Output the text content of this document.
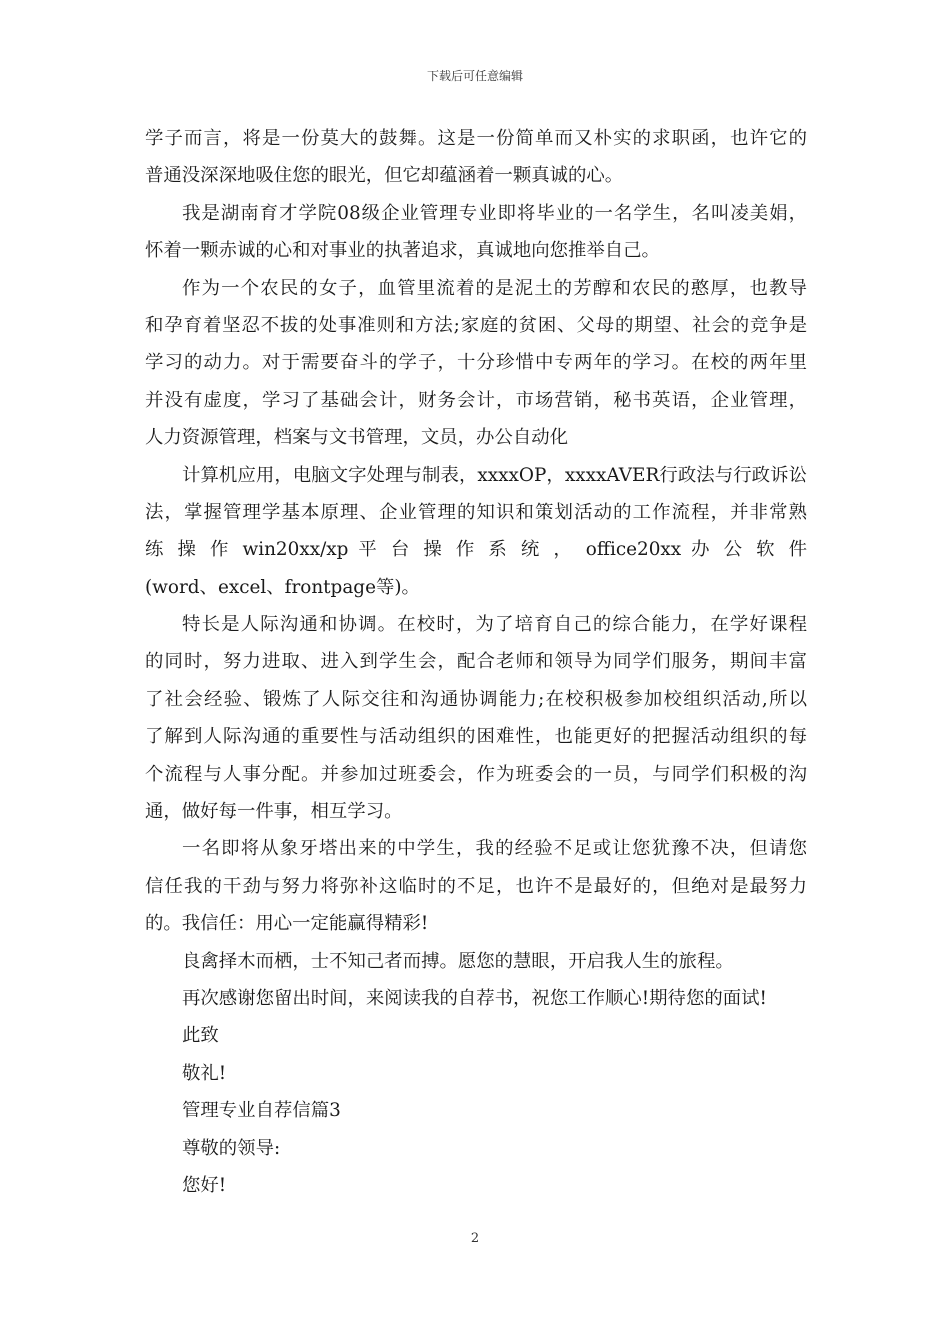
下载后可任意编辑
学子而言，将是一份莫大的鼓舞。这是一份简单而又朴实的求职函，也许它的
普通没深深地吸住您的眼光，但它却蕴涵着一颗真诚的心。
我是湖南育才学院08级企业管理专业即将毕业的一名学生，名叫凌美娟，
怀着一颗赤诚的心和对事业的执著追求，真诚地向您推举自己。
作为一个农民的女子，血管里流着的是泥土的芳醇和农民的憨厚，也教导
和孕育着坚忍不拔的处事准则和方法;家庭的贫困、父母的期望、社会的竞争是
学习的动力。对于需要奋斗的学子，十分珍惜中专两年的学习。在校的两年里
并没有虚度，学习了基础会计，财务会计，市场营销，秘书英语，企业管理，
人力资源管理，档案与文书管理，文员，办公自动化
计算机应用，电脑文字处理与制表，xxxxOP，xxxxAVER行政法与行政诉讼
法，掌握管理学基本原理、企业管理的知识和策划活动的工作流程，并非常熟
练 操 作 win20xx/xp 平 台 操 作 系 统 ， office20xx 办 公 软 件
(word、excel、frontpage等)。
特长是人际沟通和协调。在校时，为了培育自己的综合能力，在学好课程
的同时，努力进取、进入到学生会，配合老师和领导为同学们服务，期间丰富
了社会经验、锻炼了人际交往和沟通协调能力;在校积极参加校组织活动,所以
了解到人际沟通的重要性与活动组织的困难性，也能更好的把握活动组织的每
个流程与人事分配。并参加过班委会，作为班委会的一员，与同学们积极的沟
通，做好每一件事，相互学习。
一名即将从象牙塔出来的中学生，我的经验不足或让您犹豫不决，但请您
信任我的干劲与努力将弥补这临时的不足，也许不是最好的，但绝对是最努力
的。我信任：用心一定能赢得精彩!
良禽择木而栖，士不知己者而搏。愿您的慧眼，开启我人生的旅程。
再次感谢您留出时间，来阅读我的自荐书，祝您工作顺心!期待您的面试!
此致
敬礼!
管理专业自荐信篇3
尊敬的领导:
您好!
2
